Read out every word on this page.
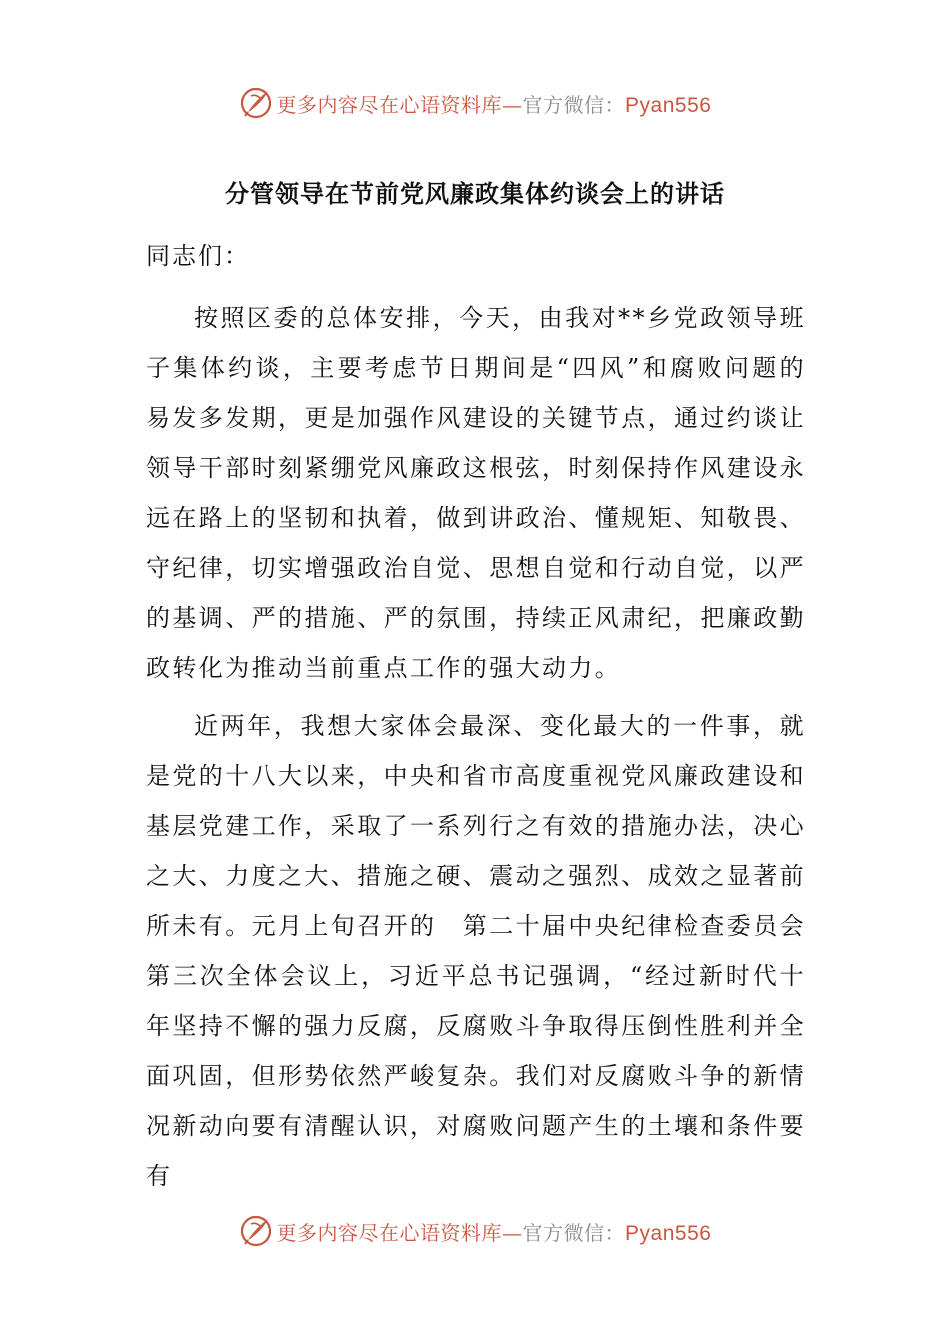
更多内容尽在心语资料库—官方微信：Pyan556
分管领导在节前党风廉政集体约谈会上的讲话

同志们：

按照区委的总体安排，今天，由我对**乡党政领导班子集体约谈，主要考虑节日期间是“四风”和腐败问题的易发多发期，更是加强作风建设的关键节点，通过约谈让领导干部时刻紧绷党风廉政这根弦，时刻保持作风建设永远在路上的坚韧和执着，做到讲政治、懂规矩、知敬畏、守纪律，切实增强政治自觉、思想自觉和行动自觉，以严的基调、严的措施、严的氛围，持续正风肃纪，把廉政勤政转化为推动当前重点工作的强大动力。

近两年，我想大家体会最深、变化最大的一件事，就是党的十八大以来，中央和省市高度重视党风廉政建设和基层党建工作，采取了一系列行之有效的措施办法，决心之大、力度之大、措施之硬、震动之强烈、成效之显著前所未有。元月上旬召开的　第二十届中央纪律检查委员会第三次全体会议上，习近平总书记强调，“经过新时代十年坚持不懈的强力反腐，反腐败斗争取得压倒性胜利并全面巩固，但形势依然严峻复杂。我们对反腐败斗争的新情况新动向要有清醒认识，对腐败问题产生的土壤和条件要有

更多内容尽在心语资料库—官方微信：Pyan556
